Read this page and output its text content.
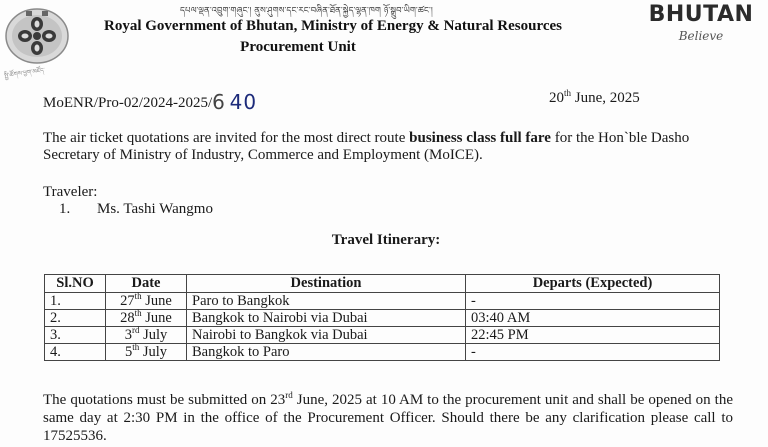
སྤྱི་ཚོགས་ཕྱག་མཛོད་
དཔལ་ལྡན་འབྲུག་གཞུང་། ནུས་ཤུགས་དང་རང་བཞིན་ཐོན་སྐྱེད་ལྷན་ཁག ཉོ་སྒྲུབ་ཡིག་ཚང་།
Royal Government of Bhutan, Ministry of Energy & Natural Resources
Procurement Unit
BHUTAN
Believe
MoENR/Pro-02/2024-2025/6 40	20th June, 2025
The air ticket quotations are invited for the most direct route business class full fare for the Hon`ble Dasho Secretary of Ministry of Industry, Commerce and Employment (MoICE).
Traveler:
1. Ms. Tashi Wangmo
Travel Itinerary:
Sl.NO	Date	Destination	Departs (Expected)
1.	27th June	Paro to Bangkok	-
2.	28th June	Bangkok to Nairobi via Dubai	03:40 AM
3.	3rd July	Nairobi to Bangkok via Dubai	22:45 PM
4.	5th July	Bangkok to Paro	-
The quotations must be submitted on 23rd June, 2025 at 10 AM to the procurement unit and shall be opened on the same day at 2:30 PM in the office of the Procurement Officer. Should there be any clarification please call to 17525536.
